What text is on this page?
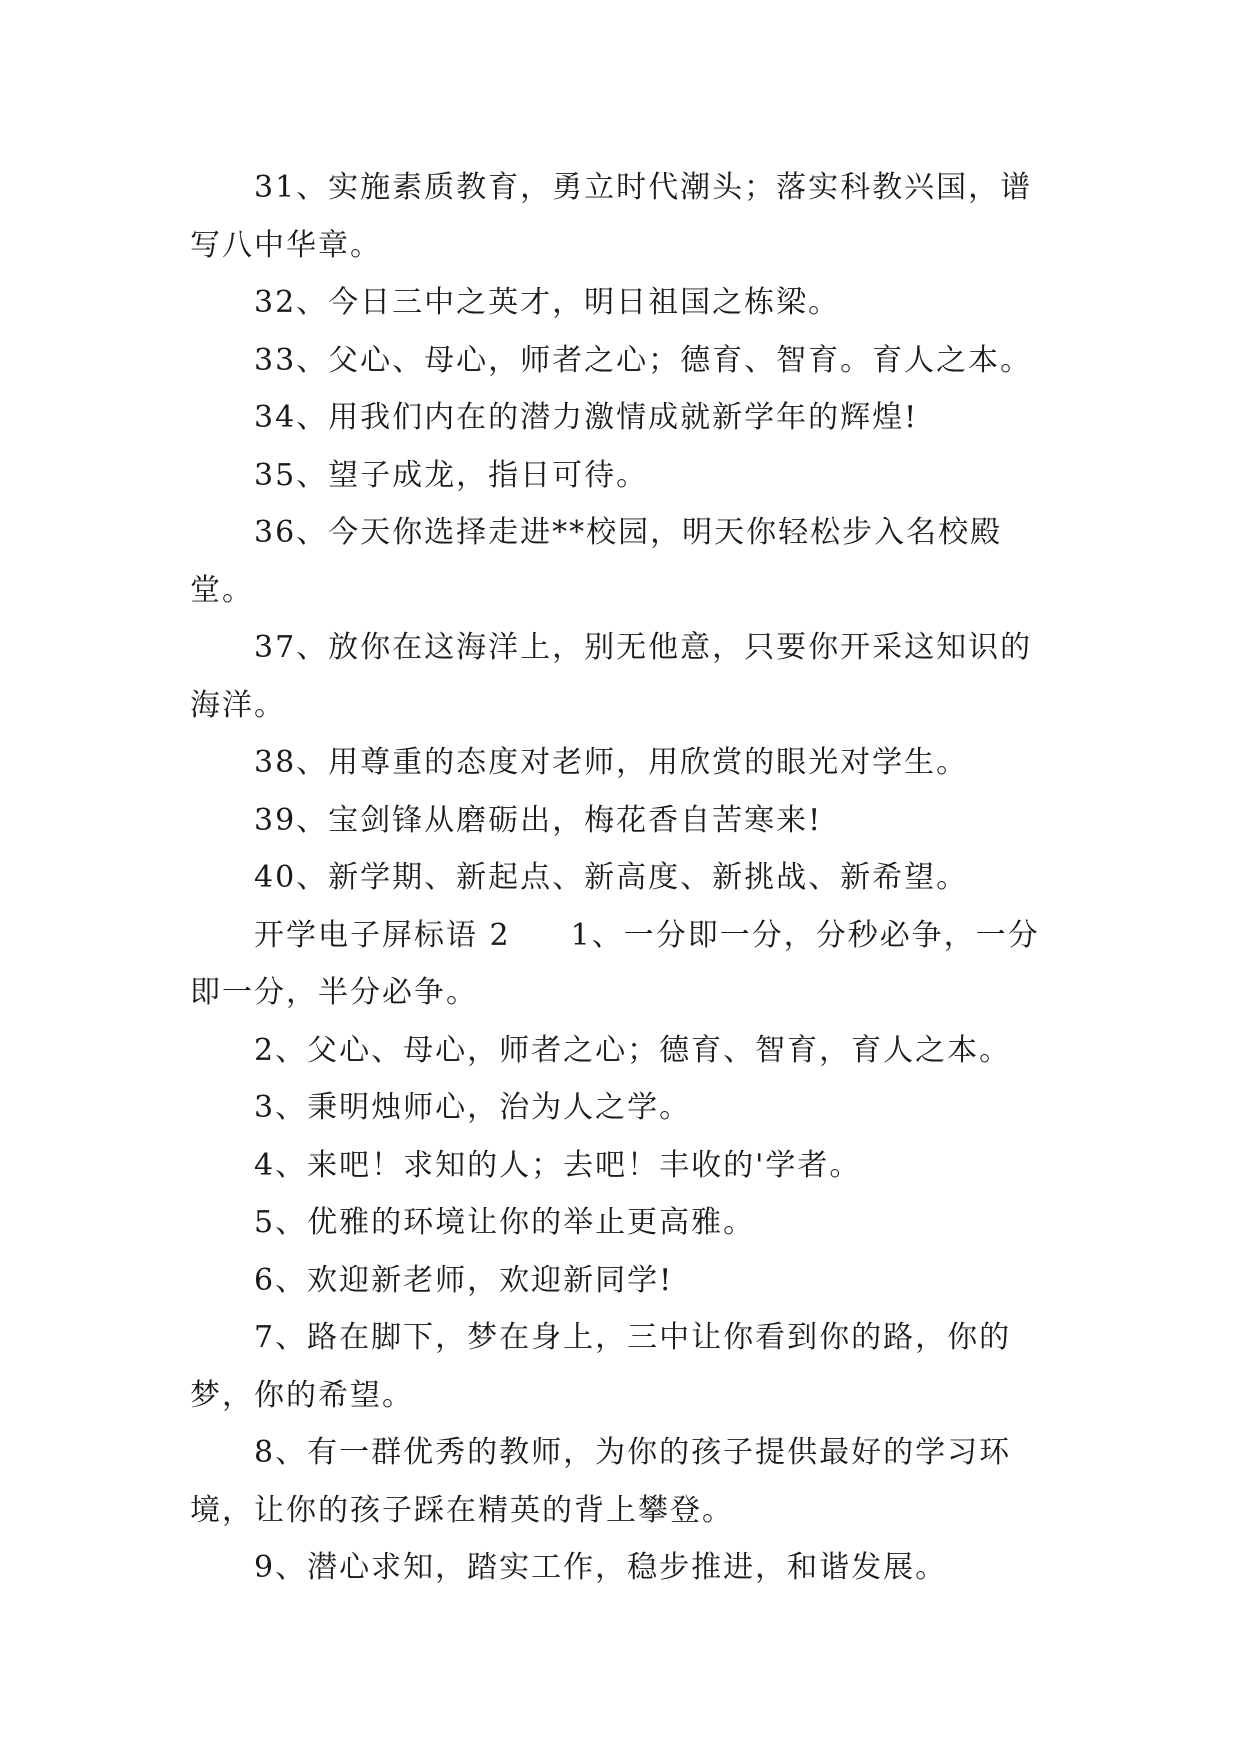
31、实施素质教育，勇立时代潮头；落实科教兴国，谱写八中华章。

32、今日三中之英才，明日祖国之栋梁。

33、父心、母心，师者之心；德育、智育。育人之本。

34、用我们内在的潜力激情成就新学年的辉煌!

35、望子成龙，指日可待。

36、今天你选择走进**校园，明天你轻松步入名校殿堂。

37、放你在这海洋上，别无他意，只要你开采这知识的海洋。

38、用尊重的态度对老师，用欣赏的眼光对学生。

39、宝剑锋从磨砺出，梅花香自苦寒来!

40、新学期、新起点、新高度、新挑战、新希望。

开学电子屏标语 2 1、一分即一分，分秒必争，一分即一分，半分必争。

2、父心、母心，师者之心；德育、智育，育人之本。

3、秉明烛师心，治为人之学。

4、来吧！求知的人；去吧！丰收的'学者。

5、优雅的环境让你的举止更高雅。

6、欢迎新老师，欢迎新同学!

7、路在脚下，梦在身上，三中让你看到你的路，你的梦，你的希望。

8、有一群优秀的教师，为你的孩子提供最好的学习环境，让你的孩子踩在精英的背上攀登。

9、潜心求知，踏实工作，稳步推进，和谐发展。
